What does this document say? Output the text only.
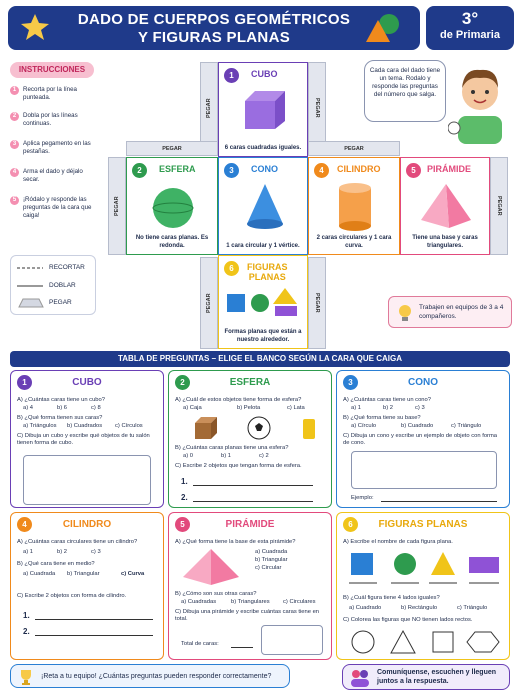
DADO DE CUERPOS GEOMÉTRICOS
Y FIGURAS PLANAS
3°
de Primaria
INSTRUCCIONES
1	Recorta por la línea punteada.
2	Dobla por las líneas continuas.
3	Aplica pegamento en las pestañas.
4	Arma el dado y déjalo secar.
5	¡Ródalo y responde las preguntas de la cara que caiga!
RECORTAR
DOBLAR
PEGAR
PEGAR	PEGAR
PEGAR	PEGAR
PEGAR	PEGAR
PEGAR	PEGAR
1	CUBO
6 caras cuadradas iguales.
2	ESFERA
No tiene caras planas. Es redonda.
3	CONO
1 cara circular y 1 vértice.
4	CILINDRO
2 caras circulares y 1 cara curva.
5	PIRÁMIDE
Tiene una base y caras triangulares.
6	FIGURAS
PLANAS
Formas planas que están a nuestro alrededor.
Cada cara del dado tiene un tema. Rodalo y responde las preguntas del número que salga.
Trabajen en equipos de 3 a 4 compañeros.
TABLA DE PREGUNTAS – ELIGE EL BANCO SEGÚN LA CARA QUE CAIGA
1	CUBO
A) ¿Cuántas caras tiene un cubo?
a) 4	b) 6	c) 8
B) ¿Qué forma tienen sus caras?
a) Triángulos b) Cuadrados c) Círculos
C) Dibuja un cubo y escribe qué objetos de tu salón tienen forma de cubo.
2	ESFERA
A) ¿Cuál de estos objetos tiene forma de esfera?
a) Caja	b) Pelota	c) Lata
B) ¿Cuántas caras planas tiene una esfera?
a) 0	b) 1	c) 2
C) Escribe 2 objetos que tengan forma de esfera.
1.
2.
3	CONO
A) ¿Cuántas caras tiene un cono?
a) 1	b) 2	c) 3
B) ¿Qué forma tiene su base?
a) Círculo	b) Cuadrado	c) Triángulo
C) Dibuja un cono y escribe un ejemplo de objeto con forma de cono.
Ejemplo:
4	CILINDRO
A) ¿Cuántas caras circulares tiene un cilindro?
a) 1	b) 2	c) 3
B) ¿Qué cara tiene en medio?
a) Cuadrada b) Triangular	c) Curva
C) Escribe 2 objetos con forma de cilindro.
1.
2.
5	PIRÁMIDE
A) ¿Qué forma tiene la base de esta pirámide?
a) Cuadrada
b) Triangular
c) Circular
B) ¿Cómo son sus otras caras?
a) Cuadradas	b) Triangulares c) Circulares
C) Dibuja una pirámide y escribe cuántas caras tiene en total.
Total de caras:
6	FIGURAS PLANAS
A) Escribe el nombre de cada figura plana.
B) ¿Cuál figura tiene 4 lados iguales?
a) Cuadrado	b) Rectángulo	c) Triángulo
C) Colorea las figuras que NO tienen lados rectos.
¡Reta a tu equipo! ¿Cuántas preguntas pueden responder correctamente?
Comuníquense, escuchen y lleguen juntos a la respuesta.
